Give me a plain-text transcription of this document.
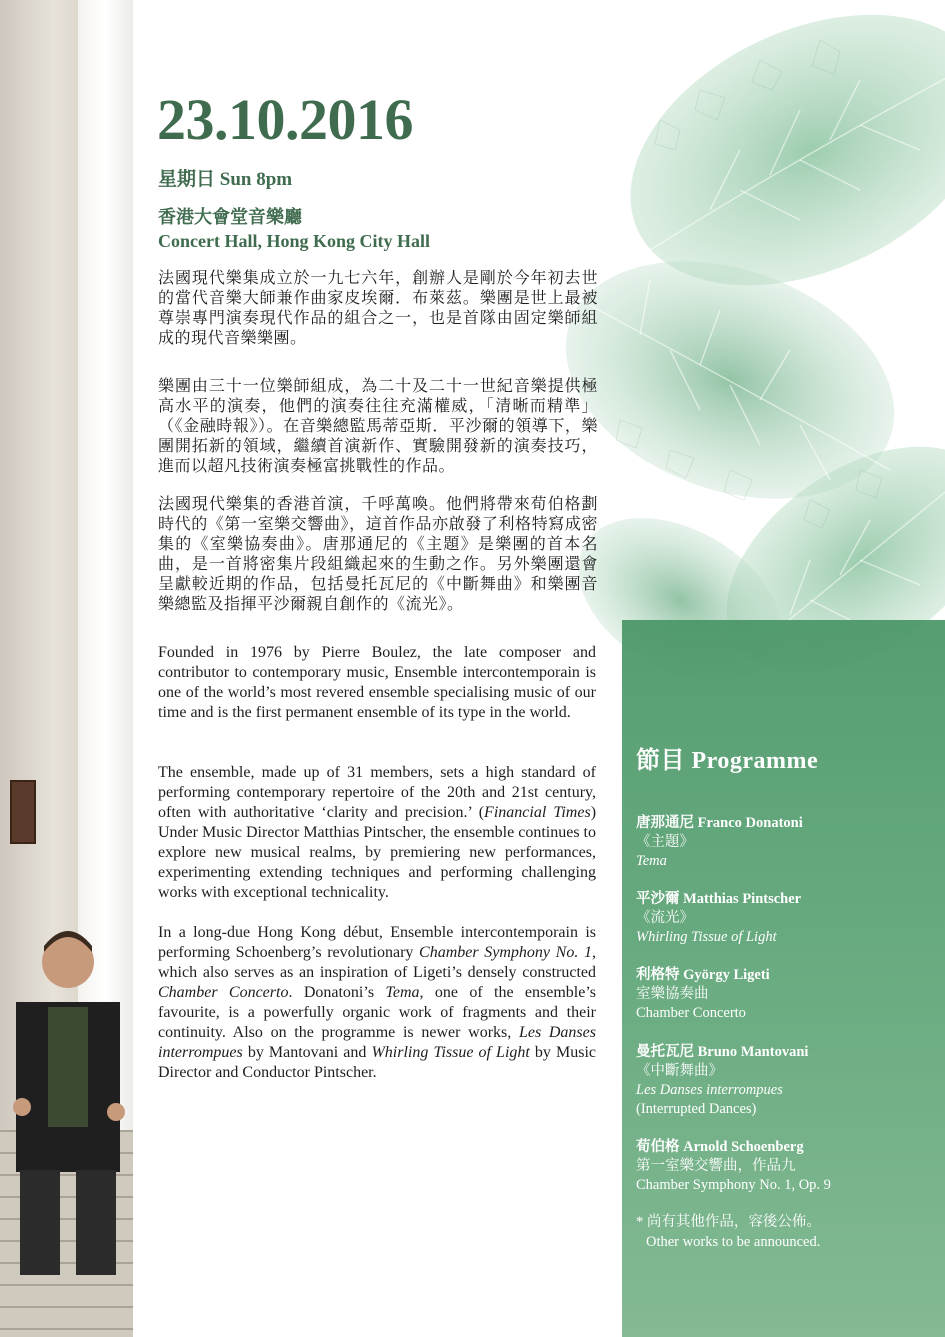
23.10.2016
星期日 Sun 8pm
香港大會堂音樂廳
Concert Hall, Hong Kong City Hall
法國現代樂集成立於一九七六年，創辦人是剛於今年初去世的當代音樂大師兼作曲家皮埃爾．布萊茲。樂團是世上最被尊崇專門演奏現代作品的組合之一，也是首隊由固定樂師組成的現代音樂樂團。
樂團由三十一位樂師組成，為二十及二十一世紀音樂提供極高水平的演奏，他們的演奏往往充滿權威，「清晰而精準」（《金融時報》）。在音樂總監馬蒂亞斯．平沙爾的領導下，樂團開拓新的領域，繼續首演新作、實驗開發新的演奏技巧，進而以超凡技術演奏極富挑戰性的作品。
法國現代樂集的香港首演，千呼萬喚。他們將帶來荀伯格劃時代的《第一室樂交響曲》，這首作品亦啟發了利格特寫成密集的《室樂協奏曲》。唐那通尼的《主題》是樂團的首本名曲，是一首將密集片段組織起來的生動之作。另外樂團還會呈獻較近期的作品，包括曼托瓦尼的《中斷舞曲》和樂團音樂總監及指揮平沙爾親自創作的《流光》。
Founded in 1976 by Pierre Boulez, the late composer and contributor to contemporary music, Ensemble intercontemporain is one of the world’s most revered ensemble specialising music of our time and is the first permanent ensemble of its type in the world.
The ensemble, made up of 31 members, sets a high standard of performing contemporary repertoire of the 20th and 21st century, often with authoritative ‘clarity and precision.’ (Financial Times) Under Music Director Matthias Pintscher, the ensemble continues to explore new musical realms, by premiering new performances, experimenting extending techniques and performing challenging works with exceptional technicality.
In a long-due Hong Kong début, Ensemble intercontemporain is performing Schoenberg’s revolutionary Chamber Symphony No. 1, which also serves as an inspiration of Ligeti’s densely constructed Chamber Concerto. Donatoni’s Tema, one of the ensemble’s favourite, is a powerfully organic work of fragments and their continuity. Also on the programme is newer works, Les Danses interrompues by Mantovani and Whirling Tissue of Light by Music Director and Conductor Pintscher.
節目 Programme
唐那通尼 Franco Donatoni
《主題》
Tema
平沙爾 Matthias Pintscher
《流光》
Whirling Tissue of Light
利格特 György Ligeti
室樂協奏曲
Chamber Concerto
曼托瓦尼 Bruno Mantovani
《中斷舞曲》
Les Danses interrompues
(Interrupted Dances)
荀伯格 Arnold Schoenberg
第一室樂交響曲，作品九
Chamber Symphony No. 1, Op. 9
* 尚有其他作品，容後公佈。
Other works to be announced.
